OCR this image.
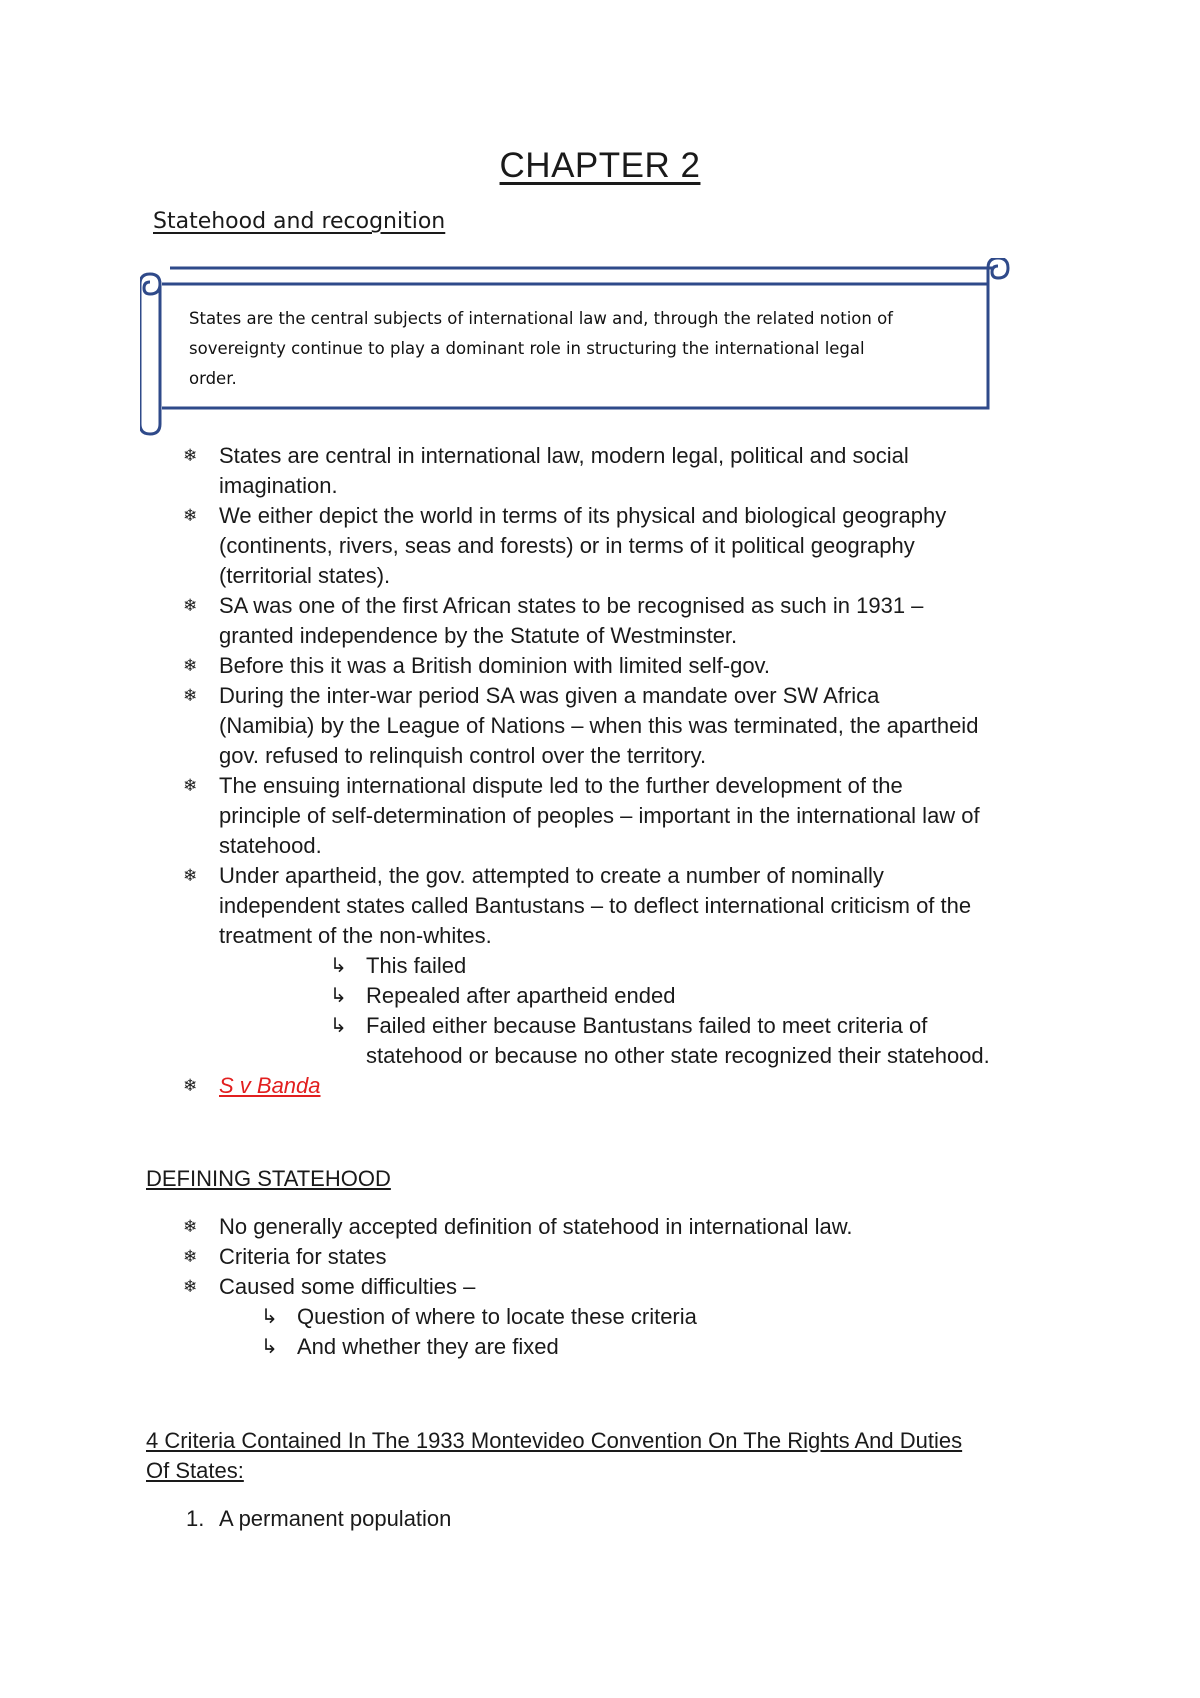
CHAPTER 2
Statehood and recognition
States are the central subjects of international law and, through the related notion of
sovereignty continue to play a dominant role in structuring the international legal
order.
❄ States are central in international law, modern legal, political and social
imagination.
❄ We either depict the world in terms of its physical and biological geography
(continents, rivers, seas and forests) or in terms of it political geography
(territorial states).
❄ SA was one of the first African states to be recognised as such in 1931 –
granted independence by the Statute of Westminster.
❄ Before this it was a British dominion with limited self-gov.
❄ During the inter-war period SA was given a mandate over SW Africa
(Namibia) by the League of Nations – when this was terminated, the apartheid
gov. refused to relinquish control over the territory.
❄ The ensuing international dispute led to the further development of the
principle of self-determination of peoples – important in the international law of
statehood.
❄ Under apartheid, the gov. attempted to create a number of nominally
independent states called Bantustans – to deflect international criticism of the
treatment of the non-whites.
↳ This failed
↳ Repealed after apartheid ended
↳ Failed either because Bantustans failed to meet criteria of
statehood or because no other state recognized their statehood.
❄ S v Banda
DEFINING STATEHOOD
❄ No generally accepted definition of statehood in international law.
❄ Criteria for states
❄ Caused some difficulties –
↳ Question of where to locate these criteria
↳ And whether they are fixed
4 Criteria Contained In The 1933 Montevideo Convention On The Rights And Duties
Of States:
1. A permanent population
